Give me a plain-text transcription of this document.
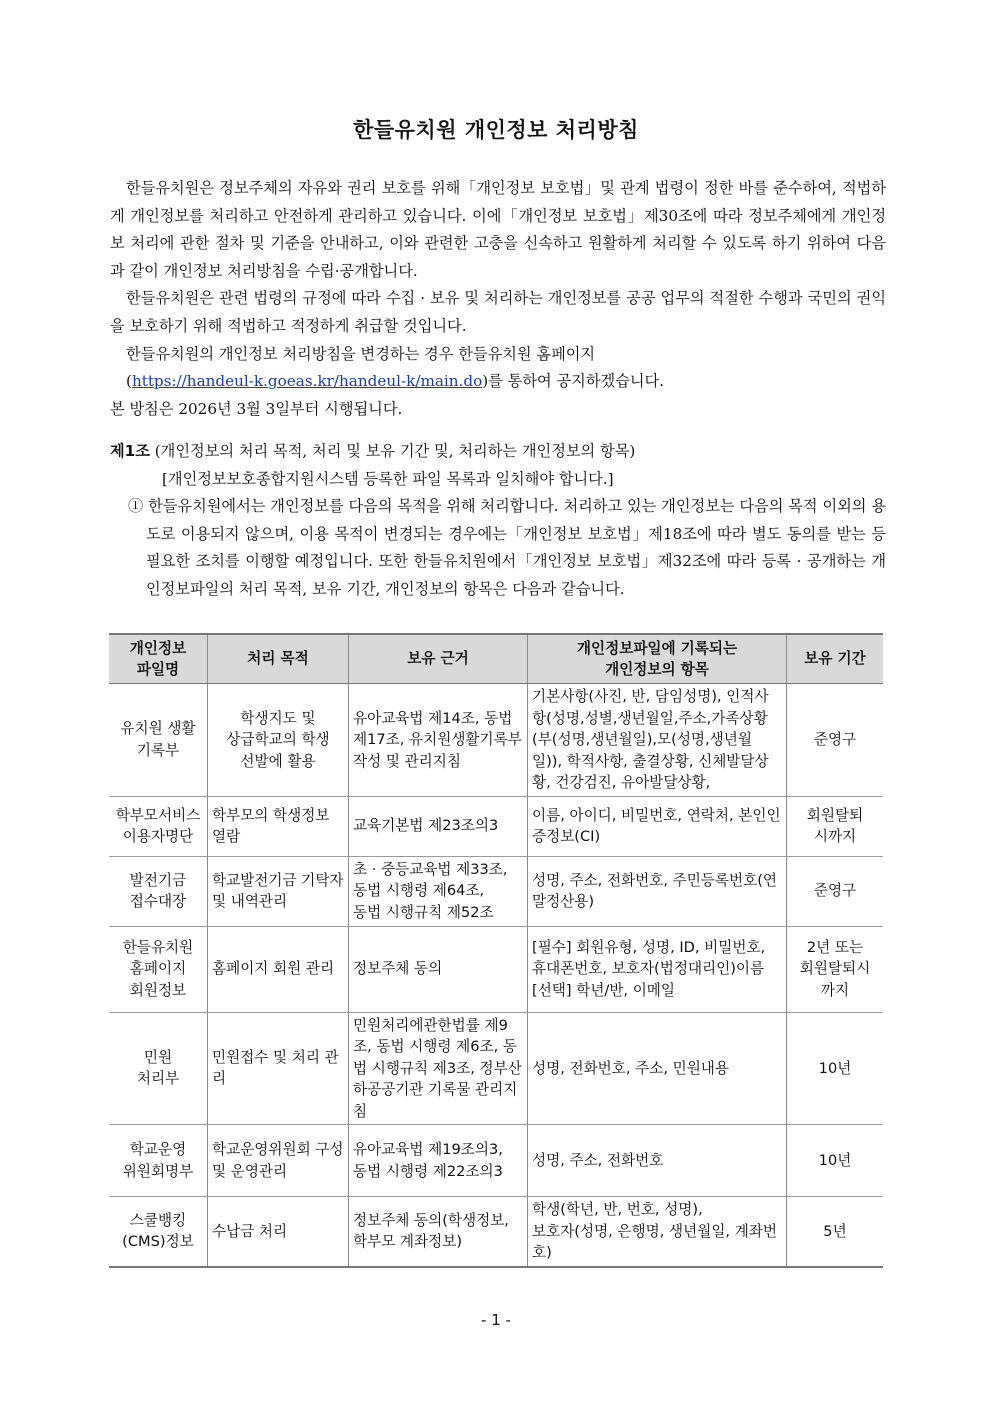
한들유치원 개인정보 처리방침

한들유치원은 정보주체의 자유와 권리 보호를 위해「개인정보 보호법」및 관계 법령이 정한 바를 준수하여, 적법하게 개인정보를 처리하고 안전하게 관리하고 있습니다. 이에「개인정보 보호법」제30조에 따라 정보주체에게 개인정보 처리에 관한 절차 및 기준을 안내하고, 이와 관련한 고충을 신속하고 원활하게 처리할 수 있도록 하기 위하여 다음과 같이 개인정보 처리방침을 수립·공개합니다.

한들유치원은 관련 법령의 규정에 따라 수집 · 보유 및 처리하는 개인정보를 공공 업무의 적절한 수행과 국민의 권익을 보호하기 위해 적법하고 적정하게 취급할 것입니다.

한들유치원의 개인정보 처리방침을 변경하는 경우 한들유치원 홈페이지

(https://handeul-k.goeas.kr/handeul-k/main.do)를 통하여 공지하겠습니다.

본 방침은 2026년 3월 3일부터 시행됩니다.

제1조 (개인정보의 처리 목적, 처리 및 보유 기간 및, 처리하는 개인정보의 항목)

[개인정보보호종합지원시스템 등록한 파일 목록과 일치해야 합니다.]

① 한들유치원에서는 개인정보를 다음의 목적을 위해 처리합니다. 처리하고 있는 개인정보는 다음의 목적 이외의 용도로 이용되지 않으며, 이용 목적이 변경되는 경우에는「개인정보 보호법」제18조에 따라 별도 동의를 받는 등 필요한 조치를 이행할 예정입니다. 또한 한들유치원에서「개인정보 보호법」제32조에 따라 등록 · 공개하는 개인정보파일의 처리 목적, 보유 기간, 개인정보의 항목은 다음과 같습니다.

개인정보
파일명	처리 목적	보유 근거	개인정보파일에 기록되는
개인정보의 항목	보유 기간
유치원 생활
기록부	학생지도 및
상급학교의 학생
선발에 활용	유아교육법 제14조, 동법 제17조, 유치원생활기록부 작성 및 관리지침	기본사항(사진, 반, 담임성명), 인적사항(성명,성별,생년월일,주소,가족상황(부(성명,생년월일),모(성명,생년월일)), 학적사항, 출결상황, 신체발달상황, 건강검진, 유아발달상황,	준영구
학부모서비스
이용자명단	학부모의 학생정보 열람	교육기본법 제23조의3	이름, 아이디, 비밀번호, 연락처, 본인인증정보(CI)	회원탈퇴
시까지
발전기금
접수대장	학교발전기금 기탁자 및 내역관리	초 · 중등교육법 제33조,
동법 시행령 제64조,
동법 시행규칙 제52조	성명, 주소, 전화번호, 주민등록번호(연말정산용)	준영구
한들유치원
홈페이지
회원정보	홈페이지 회원 관리	정보주체 동의	[필수] 회원유형, 성명, ID, 비밀번호, 휴대폰번호, 보호자(법정대리인)이름
[선택] 학년/반, 이메일	2년 또는
회원탈퇴시
까지
민원
처리부	민원접수 및 처리 관리	민원처리에관한법률 제9조, 동법 시행령 제6조, 동법 시행규칙 제3조, 정부산하공공기관 기록물 관리지침	성명, 전화번호, 주소, 민원내용	10년
학교운영
위원회명부	학교운영위원회 구성 및 운영관리	유아교육법 제19조의3,
동법 시행령 제22조의3	성명, 주소, 전화번호	10년
스쿨뱅킹
(CMS)정보	수납금 처리	정보주체 동의(학생정보, 학부모 계좌정보)	학생(학년, 반, 번호, 성명),
보호자(성명, 은행명, 생년월일, 계좌번호)	5년
- 1 -
